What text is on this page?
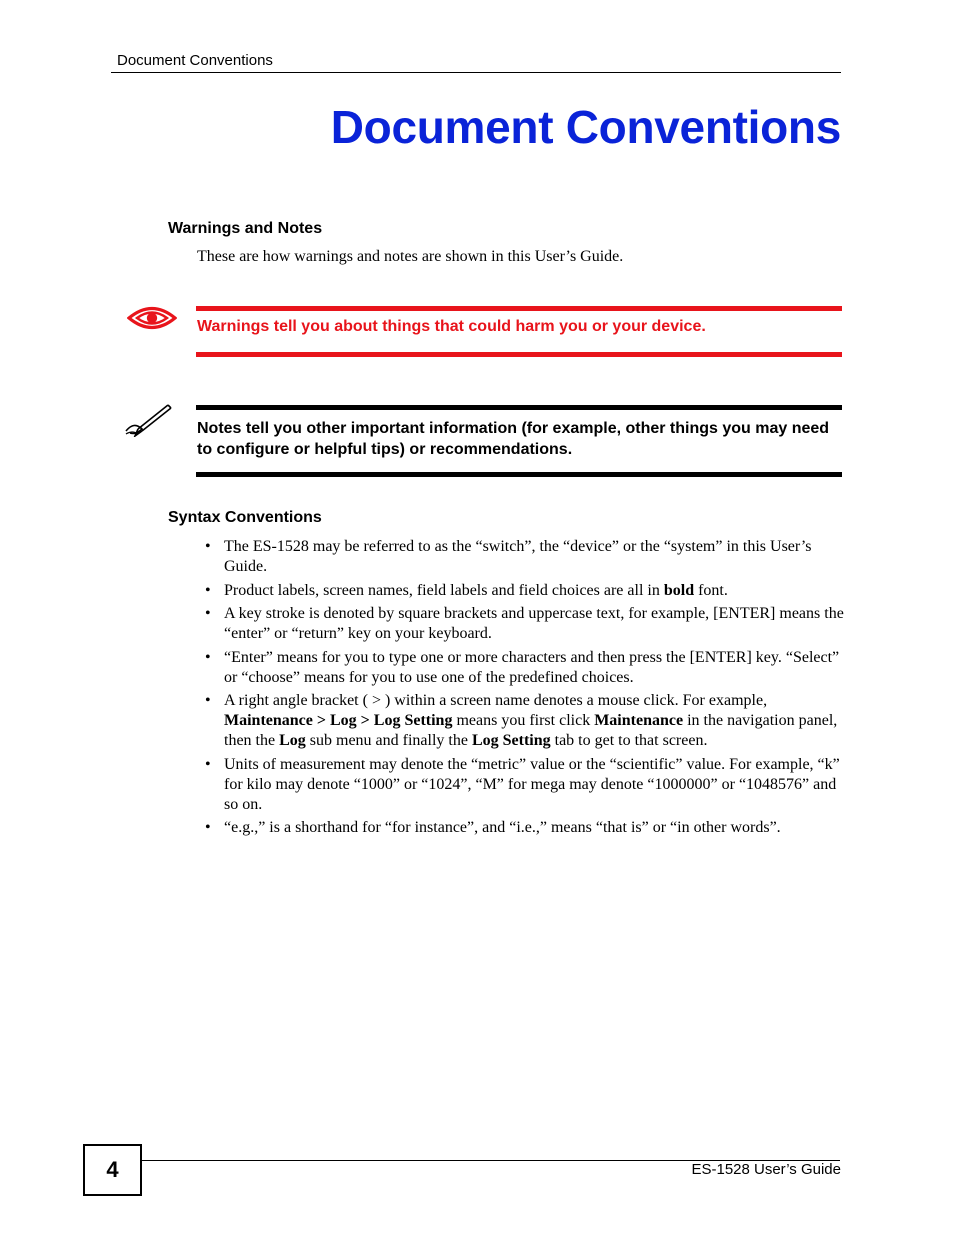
Document Conventions
Document Conventions
Warnings and Notes
These are how warnings and notes are shown in this User’s Guide.
Warnings tell you about things that could harm you or your device.
Notes tell you other important information (for example, other things you may need to configure or helpful tips) or recommendations.
Syntax Conventions
• The ES-1528 may be referred to as the “switch”, the “device” or the “system” in this User’s Guide.
• Product labels, screen names, field labels and field choices are all in bold font.
• A key stroke is denoted by square brackets and uppercase text, for example, [ENTER] means the “enter” or “return” key on your keyboard.
• “Enter” means for you to type one or more characters and then press the [ENTER] key. “Select” or “choose” means for you to use one of the predefined choices.
• A right angle bracket ( > ) within a screen name denotes a mouse click. For example, Maintenance > Log > Log Setting means you first click Maintenance in the navigation panel, then the Log sub menu and finally the Log Setting tab to get to that screen.
• Units of measurement may denote the “metric” value or the “scientific” value. For example, “k” for kilo may denote “1000” or “1024”, “M” for mega may denote “1000000” or “1048576” and so on.
• “e.g.,” is a shorthand for “for instance”, and “i.e.,” means “that is” or “in other words”.
4	ES-1528 User’s Guide
